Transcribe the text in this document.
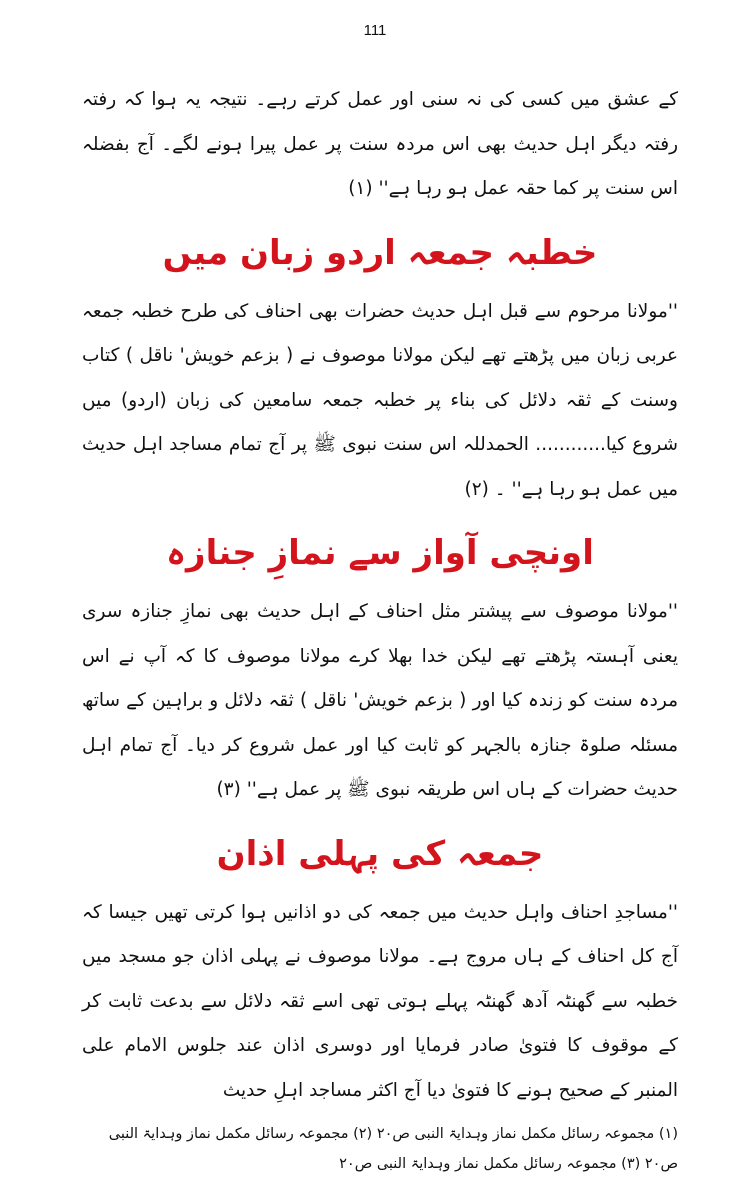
111

کے عشق میں کسی کی نہ سنی اور عمل کرتے رہے۔ نتیجہ یہ ہوا کہ رفتہ رفتہ دیگر اہل حدیث بھی اس مردہ سنت پر عمل پیرا ہونے لگے۔ آج بفضلہ اس سنت پر کما حقہ عمل ہو رہا ہے'' (۱)

خطبہ جمعہ اردو زبان میں

''مولانا مرحوم سے قبل اہل حدیث حضرات بھی احناف کی طرح خطبہ جمعہ عربی زبان میں پڑھتے تھے لیکن مولانا موصوف نے ( بزعم خویش' ناقل ) کتاب وسنت کے ثقہ دلائل کی بناء پر خطبہ جمعہ سامعین کی زبان (اردو) میں شروع کیا............ الحمدللہ اس سنت نبوی ﷺ پر آج تمام مساجد اہل حدیث میں عمل ہو رہا ہے'' ۔ (۲)

اونچی آواز سے نمازِ جنازہ

''مولانا موصوف سے پیشتر مثل احناف کے اہل حدیث بھی نمازِ جنازہ سری یعنی آہستہ پڑھتے تھے لیکن خدا بھلا کرے مولانا موصوف کا کہ آپ نے اس مردہ سنت کو زندہ کیا اور ( بزعم خویش' ناقل ) ثقہ دلائل و براہین کے ساتھ مسئلہ صلوۃ جنازہ بالجہر کو ثابت کیا اور عمل شروع کر دیا۔ آج تمام اہل حدیث حضرات کے ہاں اس طریقہ نبوی ﷺ پر عمل ہے'' (۳)

جمعہ کی پہلی اذان

''مساجدِ احناف واہل حدیث میں جمعہ کی دو اذانیں ہوا کرتی تھیں جیسا کہ آج کل احناف کے ہاں مروج ہے۔ مولانا موصوف نے پہلی اذان جو مسجد میں خطبہ سے گھنٹہ آدھ گھنٹہ پہلے ہوتی تھی اسے ثقہ دلائل سے بدعت ثابت کر کے موقوف کا فتویٰ صادر فرمایا اور دوسری اذان عند جلوس الامام علی المنبر کے صحیح ہونے کا فتویٰ دیا آج اکثر مساجد اہلِ حدیث

(۱) مجموعہ رسائل مکمل نماز وہدایۃ النبی ص۲۰ (۲) مجموعہ رسائل مکمل نماز وہدایۃ النبی ص۲۰ (۳) مجموعہ رسائل مکمل نماز وہدایۃ النبی ص۲۰
